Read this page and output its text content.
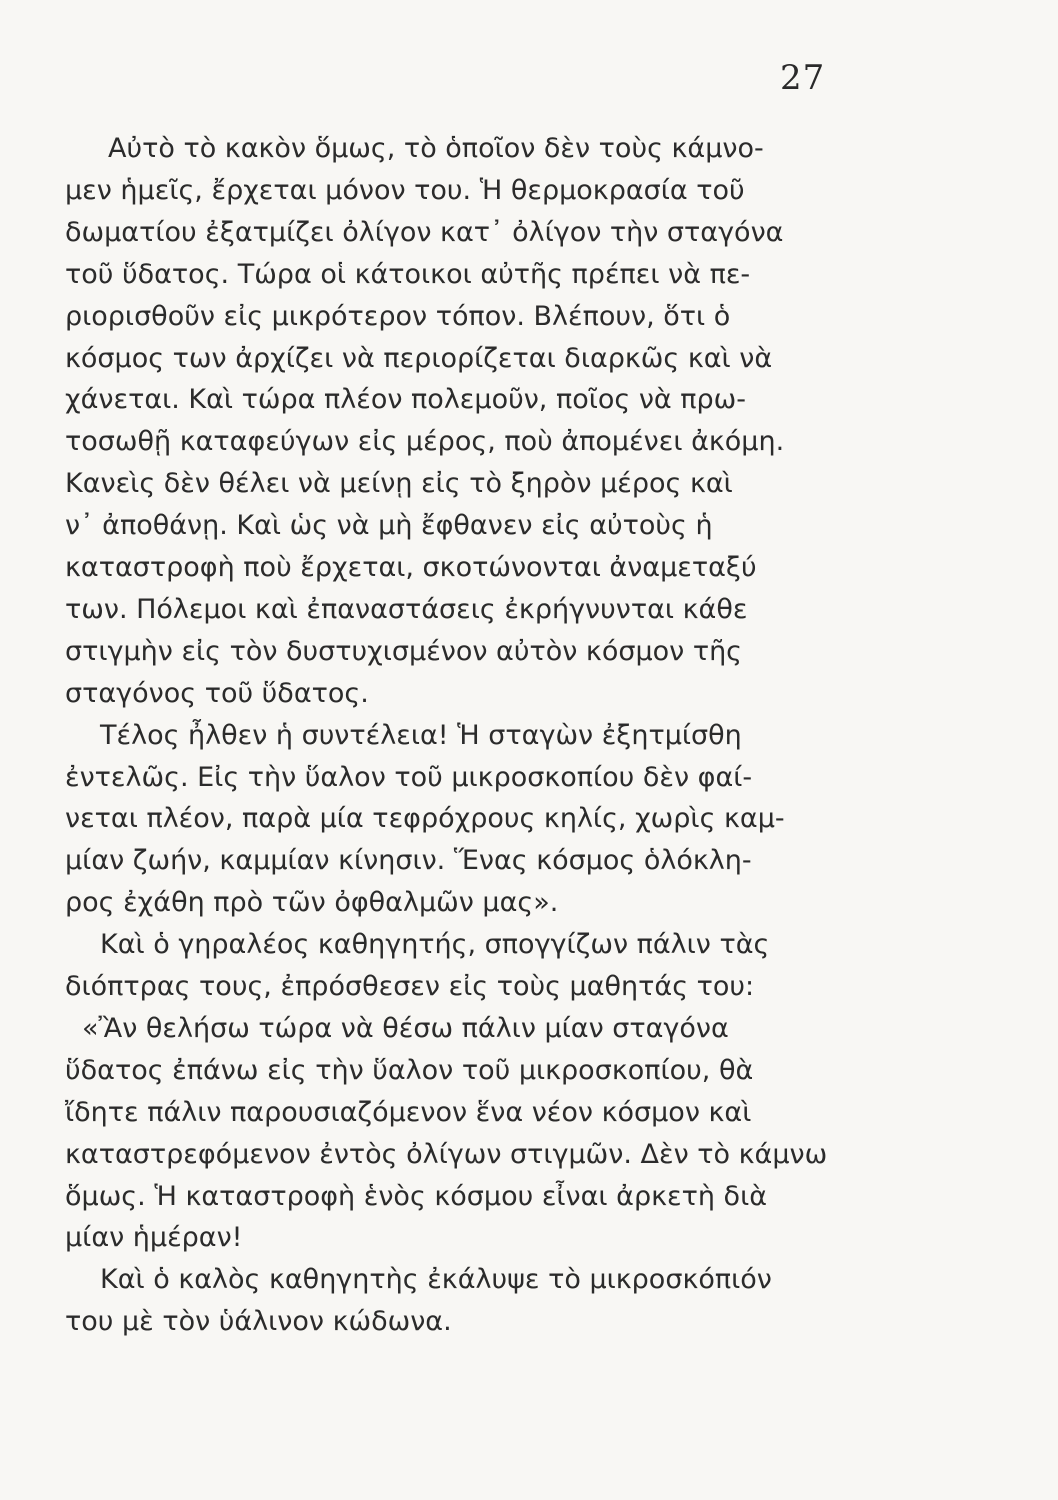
27
Αὐτὸ τὸ κακὸν ὅμως, τὸ ὁποῖον δὲν τοὺς κάμνο-
μεν ἡμεῖς, ἔρχεται μόνον του. Ἡ θερμοκρασία τοῦ
δωματίου ἐξατμίζει ὀλίγον κατ᾽ ὀλίγον τὴν σταγόνα
τοῦ ὕδατος. Τώρα οἱ κάτοικοι αὐτῆς πρέπει νὰ πε-
ριορισθοῦν εἰς μικρότερον τόπον. Βλέπουν, ὅτι ὁ
κόσμος των ἀρχίζει νὰ περιορίζεται διαρκῶς καὶ νὰ
χάνεται. Καὶ τώρα πλέον πολεμοῦν, ποῖος νὰ πρω-
τοσωθῇ καταφεύγων εἰς μέρος, ποὺ ἀπομένει ἀκόμη.
Κανεὶς δὲν θέλει νὰ μείνῃ εἰς τὸ ξηρὸν μέρος καὶ
ν᾽ ἀποθάνῃ. Καὶ ὡς νὰ μὴ ἔφθανεν εἰς αὐτοὺς ἡ
καταστροφὴ ποὺ ἔρχεται, σκοτώνονται ἀναμεταξύ
των. Πόλεμοι καὶ ἐπαναστάσεις ἐκρήγνυνται κάθε
στιγμὴν εἰς τὸν δυστυχισμένον αὐτὸν κόσμον τῆς
σταγόνος τοῦ ὕδατος.
Τέλος ἦλθεν ἡ συντέλεια! Ἡ σταγὼν ἐξητμίσθη
ἐντελῶς. Εἰς τὴν ὕαλον τοῦ μικροσκοπίου δὲν φαί-
νεται πλέον, παρὰ μία τεφρόχρους κηλίς, χωρὶς καμ-
μίαν ζωήν, καμμίαν κίνησιν. Ἕνας κόσμος ὁλόκλη-
ρος ἐχάθη πρὸ τῶν ὀφθαλμῶν μας».
Καὶ ὁ γηραλέος καθηγητής, σπογγίζων πάλιν τὰς
διόπτρας τους, ἐπρόσθεσεν εἰς τοὺς μαθητάς του:
«Ἂν θελήσω τώρα νὰ θέσω πάλιν μίαν σταγόνα
ὕδατος ἐπάνω εἰς τὴν ὕαλον τοῦ μικροσκοπίου, θὰ
ἴδητε πάλιν παρουσιαζόμενον ἕνα νέον κόσμον καὶ
καταστρεφόμενον ἐντὸς ὀλίγων στιγμῶν. Δὲν τὸ κάμνω
ὅμως. Ἡ καταστροφὴ ἑνὸς κόσμου εἶναι ἀρκετὴ διὰ
μίαν ἡμέραν!
Καὶ ὁ καλὸς καθηγητὴς ἐκάλυψε τὸ μικροσκόπιόν
του μὲ τὸν ὑάλινον κώδωνα.
